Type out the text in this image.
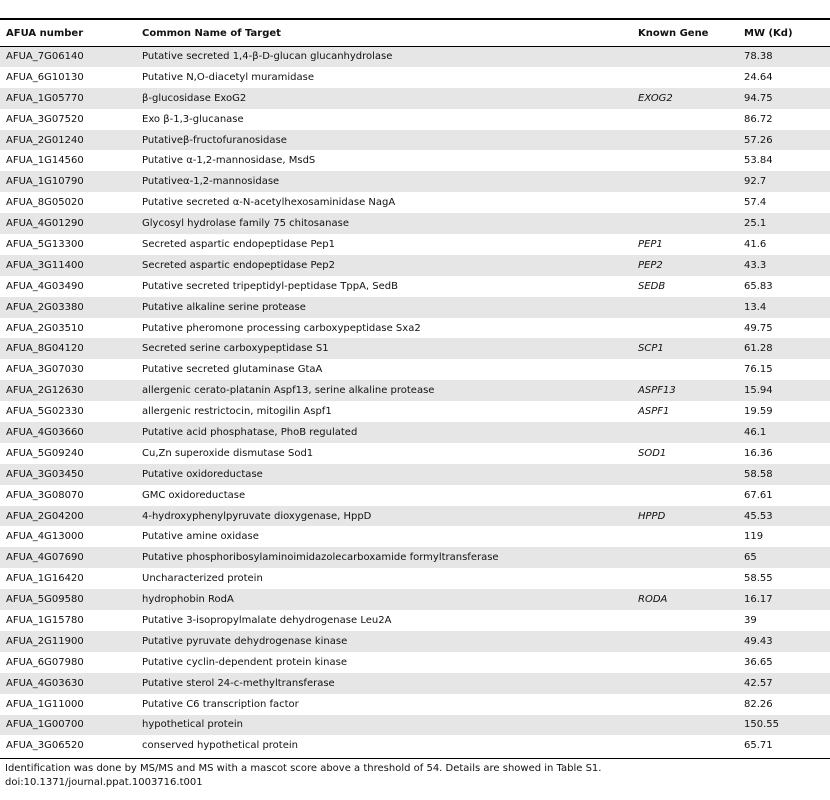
AFUA number	Common Name of Target	Known Gene	MW (Kd)
AFUA_7G06140	Putative secreted 1,4-β-D-glucan glucanhydrolase		78.38
AFUA_6G10130	Putative N,O-diacetyl muramidase		24.64
AFUA_1G05770	β-glucosidase ExoG2	EXOG2	94.75
AFUA_3G07520	Exo β-1,3-glucanase		86.72
AFUA_2G01240	Putativeβ-fructofuranosidase		57.26
AFUA_1G14560	Putative α-1,2-mannosidase, MsdS		53.84
AFUA_1G10790	Putativeα-1,2-mannosidase		92.7
AFUA_8G05020	Putative secreted α-N-acetylhexosaminidase NagA		57.4
AFUA_4G01290	Glycosyl hydrolase family 75 chitosanase		25.1
AFUA_5G13300	Secreted aspartic endopeptidase Pep1	PEP1	41.6
AFUA_3G11400	Secreted aspartic endopeptidase Pep2	PEP2	43.3
AFUA_4G03490	Putative secreted tripeptidyl-peptidase TppA, SedB	SEDB	65.83
AFUA_2G03380	Putative alkaline serine protease		13.4
AFUA_2G03510	Putative pheromone processing carboxypeptidase Sxa2		49.75
AFUA_8G04120	Secreted serine carboxypeptidase S1	SCP1	61.28
AFUA_3G07030	Putative secreted glutaminase GtaA		76.15
AFUA_2G12630	allergenic cerato-platanin Aspf13, serine alkaline protease	ASPF13	15.94
AFUA_5G02330	allergenic restrictocin, mitogilin Aspf1	ASPF1	19.59
AFUA_4G03660	Putative acid phosphatase, PhoB regulated		46.1
AFUA_5G09240	Cu,Zn superoxide dismutase Sod1	SOD1	16.36
AFUA_3G03450	Putative oxidoreductase		58.58
AFUA_3G08070	GMC oxidoreductase		67.61
AFUA_2G04200	4-hydroxyphenylpyruvate dioxygenase, HppD	HPPD	45.53
AFUA_4G13000	Putative amine oxidase		119
AFUA_4G07690	Putative phosphoribosylaminoimidazolecarboxamide formyltransferase		65
AFUA_1G16420	Uncharacterized protein		58.55
AFUA_5G09580	hydrophobin RodA	RODA	16.17
AFUA_1G15780	Putative 3-isopropylmalate dehydrogenase Leu2A		39
AFUA_2G11900	Putative pyruvate dehydrogenase kinase		49.43
AFUA_6G07980	Putative cyclin-dependent protein kinase		36.65
AFUA_4G03630	Putative sterol 24-c-methyltransferase		42.57
AFUA_1G11000	Putative C6 transcription factor		82.26
AFUA_1G00700	hypothetical protein		150.55
AFUA_3G06520	conserved hypothetical protein		65.71
Identification was done by MS/MS and MS with a mascot score above a threshold of 54. Details are showed in Table S1.
doi:10.1371/journal.ppat.1003716.t001
